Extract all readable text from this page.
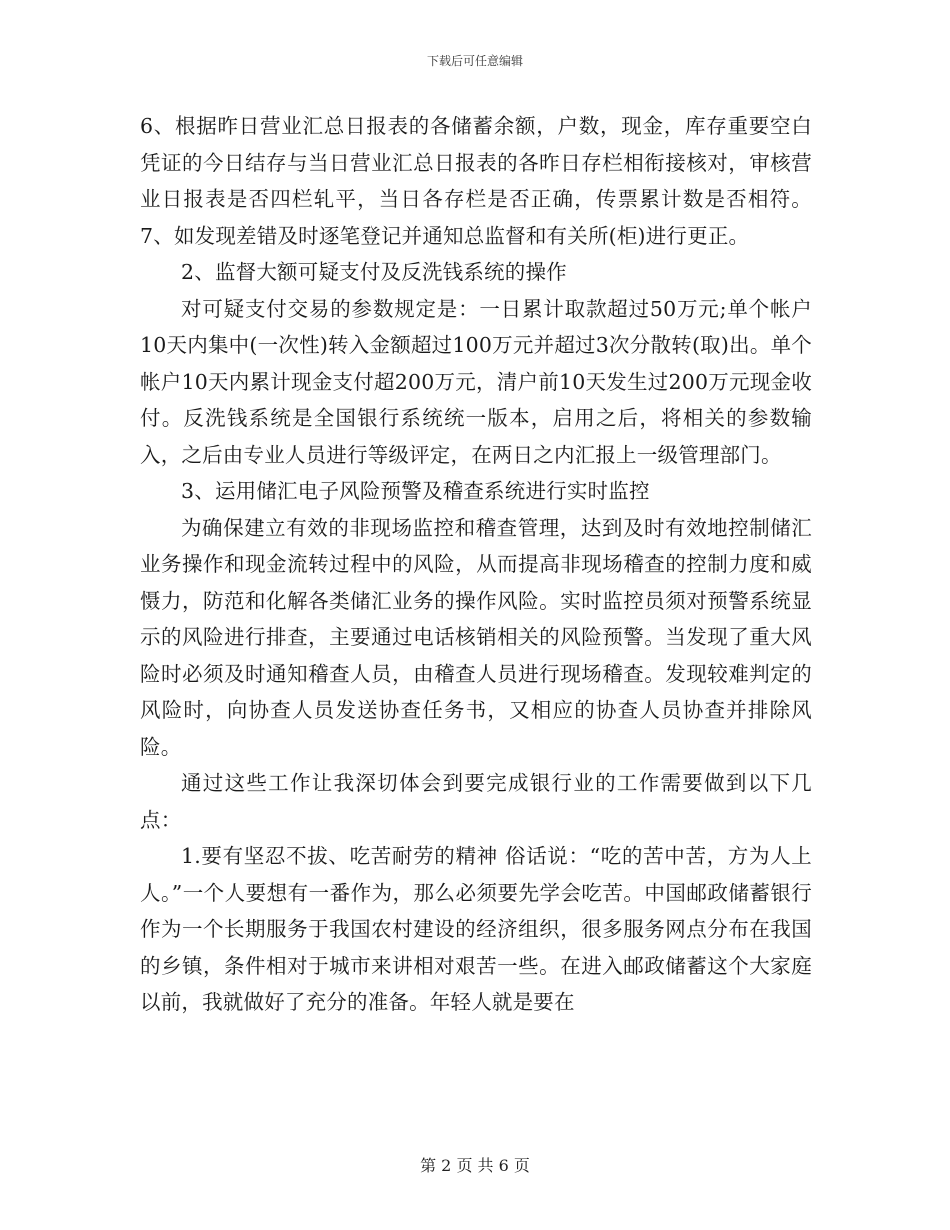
下载后可任意编辑

6、根据昨日营业汇总日报表的各储蓄余额，户数，现金，库存重要空白凭证的今日结存与当日营业汇总日报表的各昨日存栏相衔接核对，审核营业日报表是否四栏轧平，当日各存栏是否正确，传票累计数是否相符。 7、如发现差错及时逐笔登记并通知总监督和有关所(柜)进行更正。

2、监督大额可疑支付及反洗钱系统的操作

对可疑支付交易的参数规定是：一日累计取款超过50万元;单个帐户10天内集中(一次性)转入金额超过100万元并超过3次分散转(取)出。单个帐户10天内累计现金支付超200万元，清户前10天发生过200万元现金收付。反洗钱系统是全国银行系统统一版本，启用之后，将相关的参数输入，之后由专业人员进行等级评定，在两日之内汇报上一级管理部门。

3、运用储汇电子风险预警及稽查系统进行实时监控

为确保建立有效的非现场监控和稽查管理，达到及时有效地控制储汇业务操作和现金流转过程中的风险，从而提高非现场稽查的控制力度和威慑力，防范和化解各类储汇业务的操作风险。实时监控员须对预警系统显示的风险进行排查，主要通过电话核销相关的风险预警。当发现了重大风险时必须及时通知稽查人员，由稽查人员进行现场稽查。发现较难判定的风险时，向协查人员发送协查任务书，又相应的协查人员协查并排除风险。

通过这些工作让我深切体会到要完成银行业的工作需要做到以下几点：

1.要有坚忍不拔、吃苦耐劳的精神 俗话说：“吃的苦中苦，方为人上人。”一个人要想有一番作为，那么必须要先学会吃苦。中国邮政储蓄银行作为一个长期服务于我国农村建设的经济组织，很多服务网点分布在我国的乡镇，条件相对于城市来讲相对艰苦一些。在进入邮政储蓄这个大家庭以前，我就做好了充分的准备。年轻人就是要在

第 2 页 共 6 页
